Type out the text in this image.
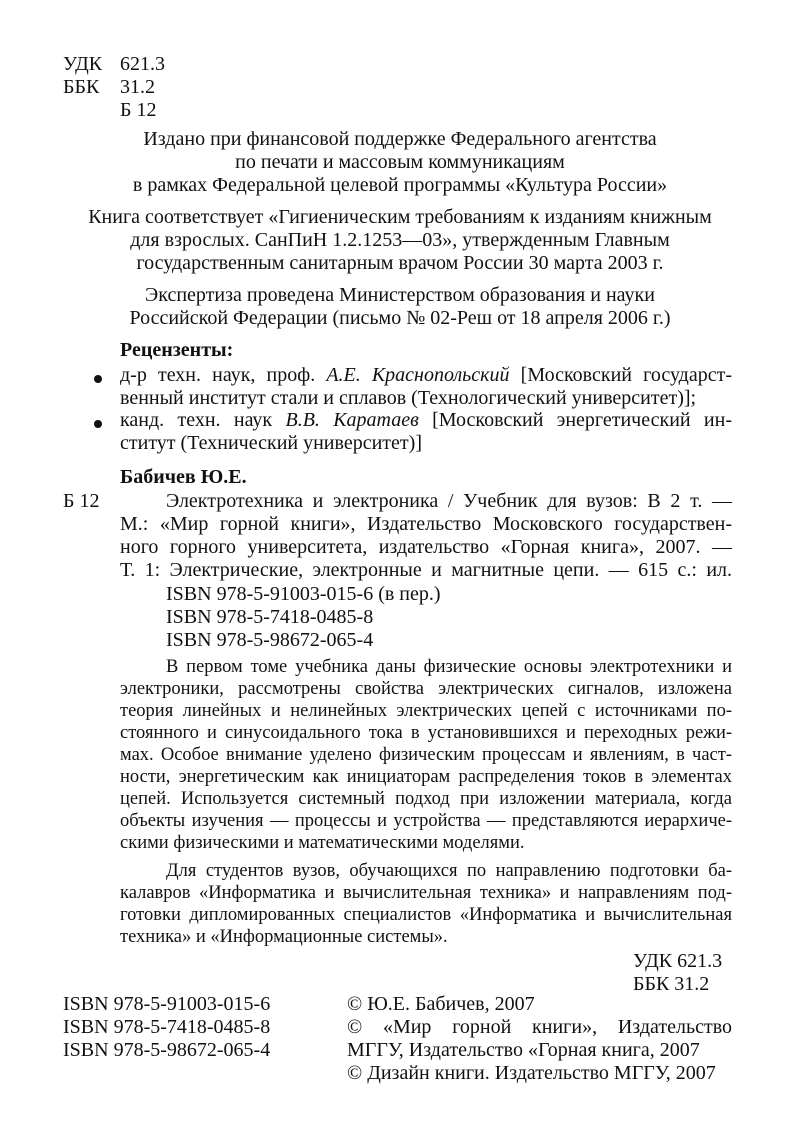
УДК 621.3
ББК 31.2
Б 12
Издано при финансовой поддержке Федерального агентства
по печати и массовым коммуникациям
в рамках Федеральной целевой программы «Культура России»
Книга соответствует «Гигиеническим требованиям к изданиям книжным
для взрослых. СанПиН 1.2.1253—03», утвержденным Главным
государственным санитарным врачом России 30 марта 2003 г.
Экспертиза проведена Министерством образования и науки
Российской Федерации (письмо № 02-Реш от 18 апреля 2006 г.)
Рецензенты:
д-р техн. наук, проф. А.Е. Краснопольский [Московский государст-
венный институт стали и сплавов (Технологический университет)];
канд. техн. наук В.В. Каратаев [Московский энергетический ин-
ститут (Технический университет)]
Бабичев Ю.Е.
Б 12	Электротехника и электроника / Учебник для вузов: В 2 т. —
М.: «Мир горной книги», Издательство Московского государствен-
ного горного университета, издательство «Горная книга», 2007. —
Т. 1: Электрические, электронные и магнитные цепи. — 615 с.: ил.
ISBN 978-5-91003-015-6 (в пер.)
ISBN 978-5-7418-0485-8
ISBN 978-5-98672-065-4
В первом томе учебника даны физические основы электротехники и
электроники, рассмотрены свойства электрических сигналов, изложена
теория линейных и нелинейных электрических цепей с источниками по-
стоянного и синусоидального тока в установившихся и переходных режи-
мах. Особое внимание уделено физическим процессам и явлениям, в част-
ности, энергетическим как инициаторам распределения токов в элементах
цепей. Используется системный подход при изложении материала, когда
объекты изучения — процессы и устройства — представляются иерархиче-
скими физическими и математическими моделями.
Для студентов вузов, обучающихся по направлению подготовки ба-
калавров «Информатика и вычислительная техника» и направлениям под-
готовки дипломированных специалистов «Информатика и вычислительная
техника» и «Информационные системы».
УДК 621.3
ББК 31.2
ISBN 978-5-91003-015-6
ISBN 978-5-7418-0485-8
ISBN 978-5-98672-065-4
© Ю.Е. Бабичев, 2007
© «Мир горной книги», Издательство
МГГУ, Издательство «Горная книга, 2007
© Дизайн книги. Издательство МГГУ, 2007
